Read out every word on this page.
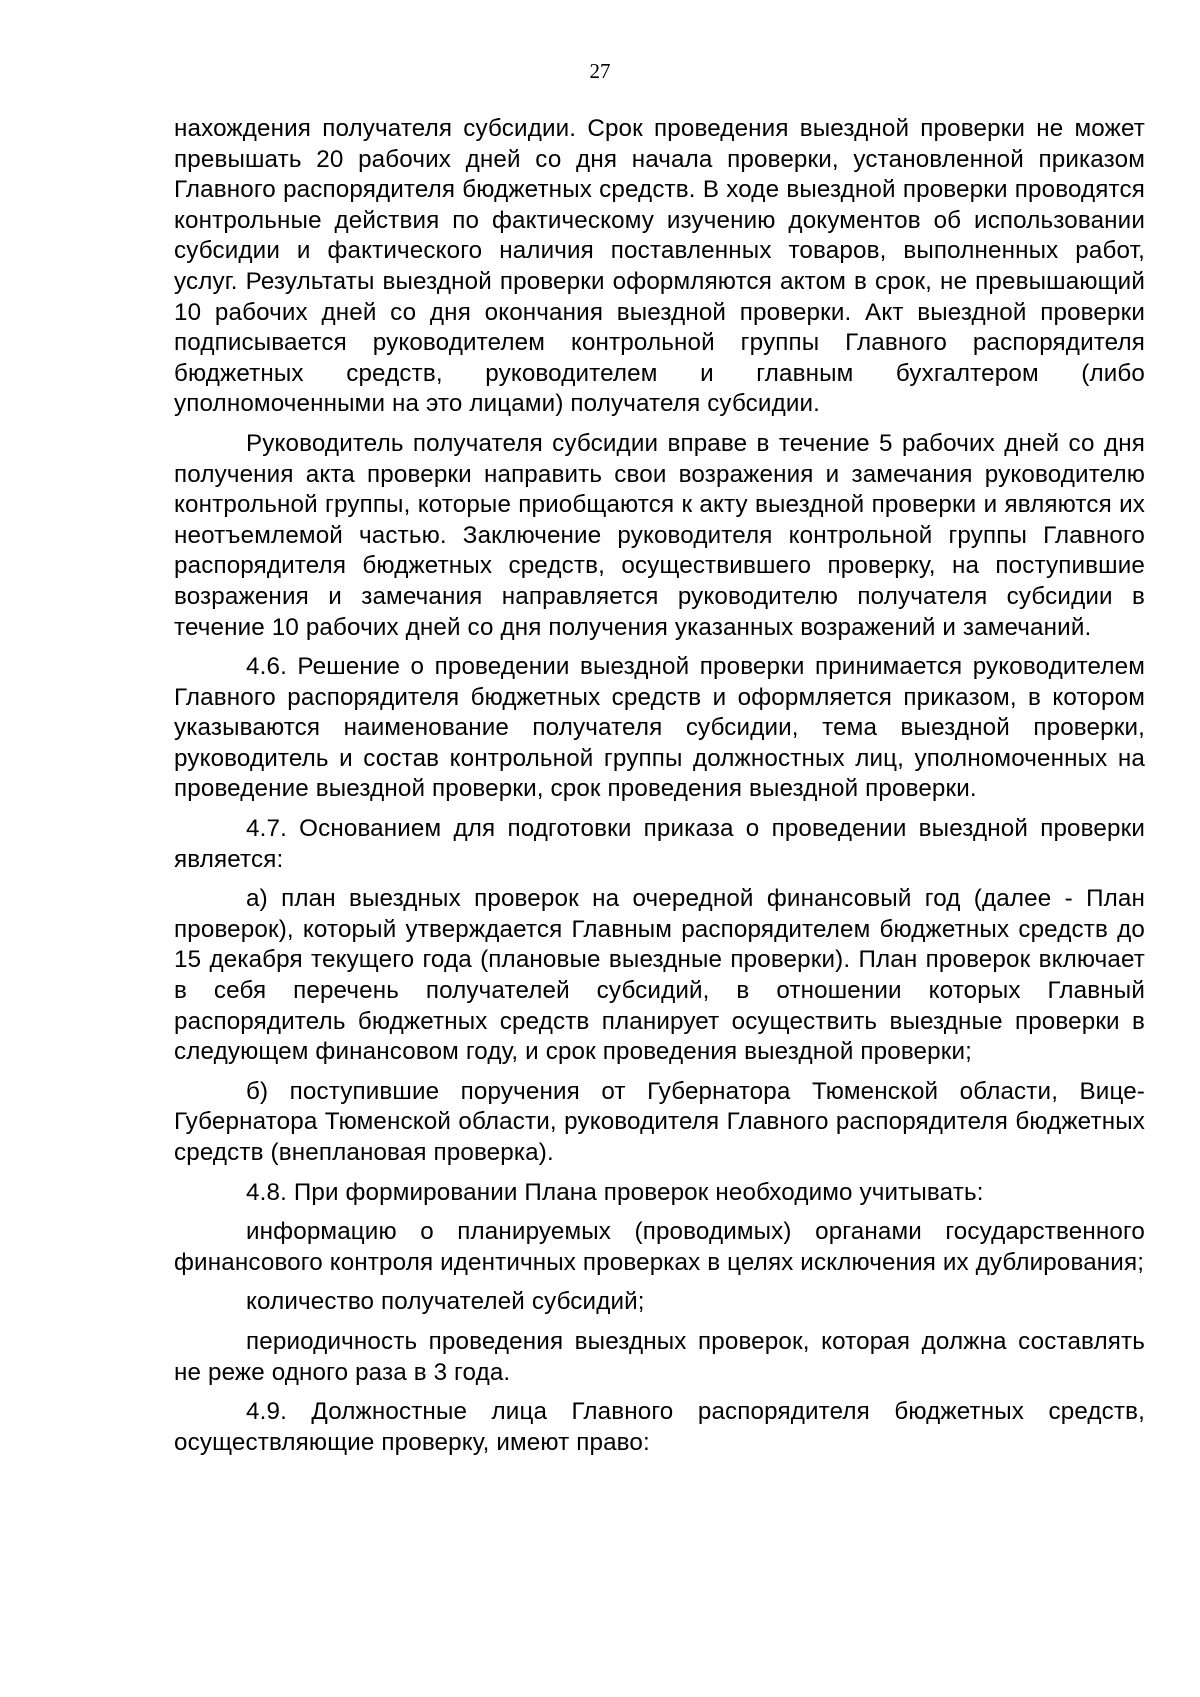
27

нахождения получателя субсидии. Срок проведения выездной проверки не может превышать 20 рабочих дней со дня начала проверки, установленной приказом Главного распорядителя бюджетных средств. В ходе выездной проверки проводятся контрольные действия по фактическому изучению документов об использовании субсидии и фактического наличия поставленных товаров, выполненных работ, услуг. Результаты выездной проверки оформляются актом в срок, не превышающий 10 рабочих дней со дня окончания выездной проверки. Акт выездной проверки подписывается руководителем контрольной группы Главного распорядителя бюджетных средств, руководителем и главным бухгалтером (либо уполномоченными на это лицами) получателя субсидии.

Руководитель получателя субсидии вправе в течение 5 рабочих дней со дня получения акта проверки направить свои возражения и замечания руководителю контрольной группы, которые приобщаются к акту выездной проверки и являются их неотъемлемой частью. Заключение руководителя контрольной группы Главного распорядителя бюджетных средств, осуществившего проверку, на поступившие возражения и замечания направляется руководителю получателя субсидии в течение 10 рабочих дней со дня получения указанных возражений и замечаний.

4.6. Решение о проведении выездной проверки принимается руководителем Главного распорядителя бюджетных средств и оформляется приказом, в котором указываются наименование получателя субсидии, тема выездной проверки, руководитель и состав контрольной группы должностных лиц, уполномоченных на проведение выездной проверки, срок проведения выездной проверки.

4.7. Основанием для подготовки приказа о проведении выездной проверки является:

а) план выездных проверок на очередной финансовый год (далее - План проверок), который утверждается Главным распорядителем бюджетных средств до 15 декабря текущего года (плановые выездные проверки). План проверок включает в себя перечень получателей субсидий, в отношении которых Главный распорядитель бюджетных средств планирует осуществить выездные проверки в следующем финансовом году, и срок проведения выездной проверки;

б) поступившие поручения от Губернатора Тюменской области, Вице-Губернатора Тюменской области, руководителя Главного распорядителя бюджетных средств (внеплановая проверка).

4.8. При формировании Плана проверок необходимо учитывать:

информацию о планируемых (проводимых) органами государственного финансового контроля идентичных проверках в целях исключения их дублирования;

количество получателей субсидий;

периодичность проведения выездных проверок, которая должна составлять не реже одного раза в 3 года.

4.9. Должностные лица Главного распорядителя бюджетных средств, осуществляющие проверку, имеют право:
